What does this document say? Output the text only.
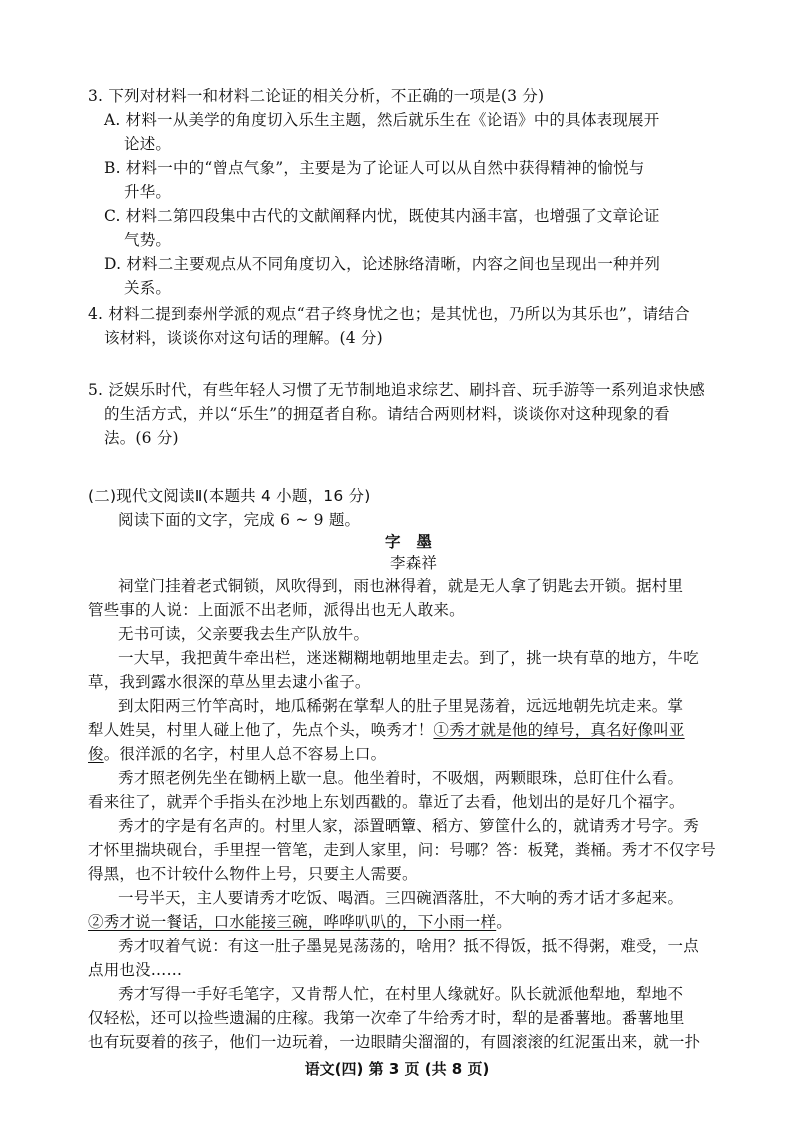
3. 下列对材料一和材料二论证的相关分析，不正确的一项是(3 分)
A. 材料一从美学的角度切入乐生主题，然后就乐生在《论语》中的具体表现展开
论述。
B. 材料一中的“曾点气象”，主要是为了论证人可以从自然中获得精神的愉悦与
升华。
C. 材料二第四段集中古代的文献阐释内忧，既使其内涵丰富，也增强了文章论证
气势。
D. 材料二主要观点从不同角度切入，论述脉络清晰，内容之间也呈现出一种并列
关系。
4. 材料二提到泰州学派的观点“君子终身忧之也；是其忧也，乃所以为其乐也”，请结合
该材料，谈谈你对这句话的理解。(4 分)
5. 泛娱乐时代，有些年轻人习惯了无节制地追求综艺、刷抖音、玩手游等一系列追求快感
的生活方式，并以“乐生”的拥趸者自称。请结合两则材料，谈谈你对这种现象的看
法。(6 分)
(二)现代文阅读Ⅱ(本题共 4 小题，16 分)
阅读下面的文字，完成 6 ~ 9 题。
字　墨
李森祥
祠堂门挂着老式铜锁，风吹得到，雨也淋得着，就是无人拿了钥匙去开锁。据村里
管些事的人说：上面派不出老师，派得出也无人敢来。
无书可读，父亲要我去生产队放牛。
一大早，我把黄牛牵出栏，迷迷糊糊地朝地里走去。到了，挑一块有草的地方，牛吃
草，我到露水很深的草丛里去逮小雀子。
到太阳两三竹竿高时，地瓜稀粥在掌犁人的肚子里晃荡着，远远地朝先坑走来。掌
犁人姓吴，村里人碰上他了，先点个头，唤秀才！①秀才就是他的绰号，真名好像叫亚
俊。很洋派的名字，村里人总不容易上口。
秀才照老例先坐在锄柄上歇一息。他坐着时，不吸烟，两颗眼珠，总盯住什么看。
看来往了，就弄个手指头在沙地上东划西戳的。靠近了去看，他划出的是好几个福字。
秀才的字是有名声的。村里人家，添置晒簟、稻方、箩筐什么的，就请秀才号字。秀
才怀里揣块砚台，手里捏一管笔，走到人家里，问：号哪？答：板凳，粪桶。秀才不仅字号
得黑，也不计较什么物件上号，只要主人需要。
一号半天，主人要请秀才吃饭、喝酒。三四碗酒落肚，不大响的秀才话才多起来。
②秀才说一餐话，口水能接三碗，哗哗叭叭的，下小雨一样。
秀才叹着气说：有这一肚子墨晃晃荡荡的，啥用？抵不得饭，抵不得粥，难受，一点
点用也没……
秀才写得一手好毛笔字，又肯帮人忙，在村里人缘就好。队长就派他犁地，犁地不
仅轻松，还可以捡些遗漏的庄稼。我第一次牵了牛给秀才时，犁的是番薯地。番薯地里
也有玩耍着的孩子，他们一边玩着，一边眼睛尖溜溜的，有圆滚滚的红泥蛋出来，就一扑
语文(四) 第 3 页 (共 8 页)
